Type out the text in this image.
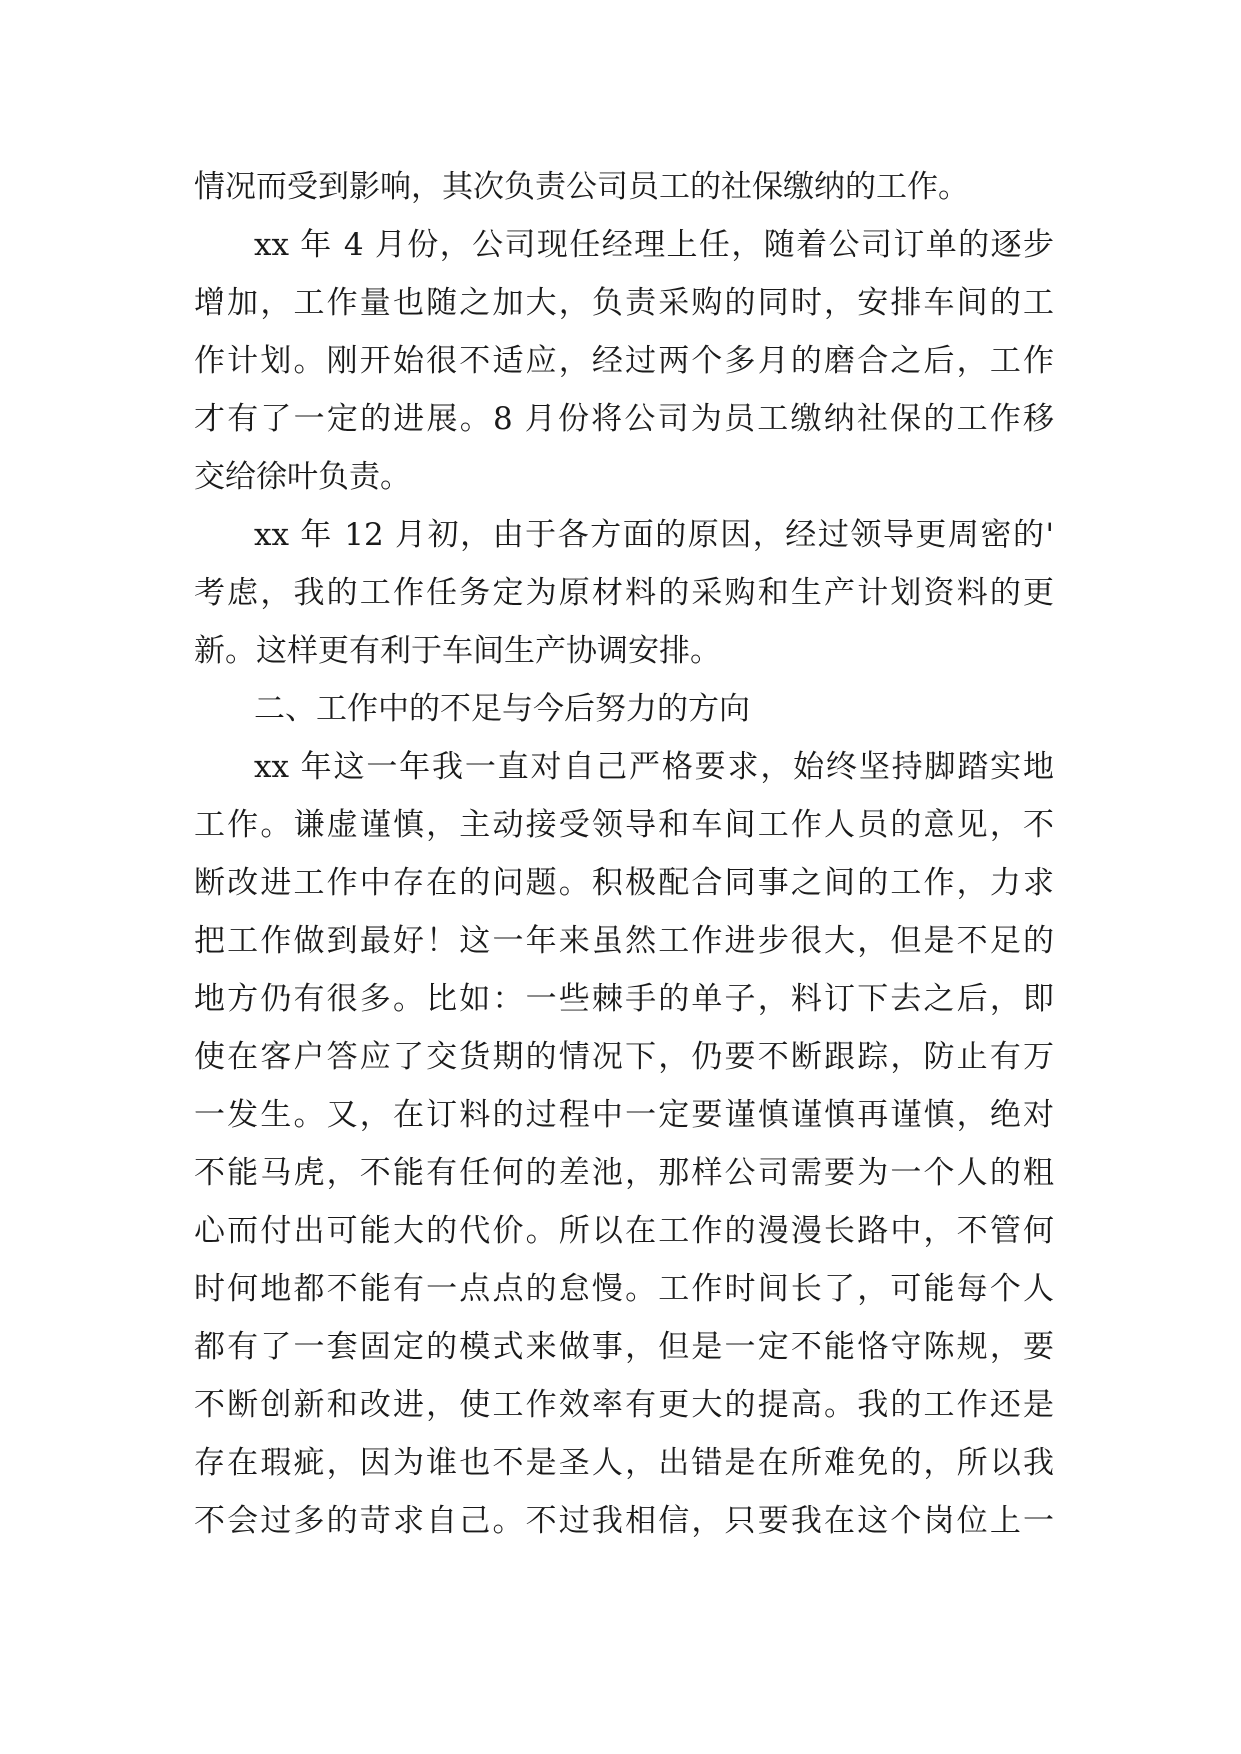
情况而受到影响，其次负责公司员工的社保缴纳的工作。
xx 年 4 月份，公司现任经理上任，随着公司订单的逐步
增加，工作量也随之加大，负责采购的同时，安排车间的工
作计划。刚开始很不适应，经过两个多月的磨合之后，工作
才有了一定的进展。8 月份将公司为员工缴纳社保的工作移
交给徐叶负责。
xx 年 12 月初，由于各方面的原因，经过领导更周密的'
考虑，我的工作任务定为原材料的采购和生产计划资料的更
新。这样更有利于车间生产协调安排。
二、工作中的不足与今后努力的方向
xx 年这一年我一直对自己严格要求，始终坚持脚踏实地
工作。谦虚谨慎，主动接受领导和车间工作人员的意见，不
断改进工作中存在的问题。积极配合同事之间的工作，力求
把工作做到最好！这一年来虽然工作进步很大，但是不足的
地方仍有很多。比如：一些棘手的单子，料订下去之后，即
使在客户答应了交货期的情况下，仍要不断跟踪，防止有万
一发生。又，在订料的过程中一定要谨慎谨慎再谨慎，绝对
不能马虎，不能有任何的差池，那样公司需要为一个人的粗
心而付出可能大的代价。所以在工作的漫漫长路中，不管何
时何地都不能有一点点的怠慢。工作时间长了，可能每个人
都有了一套固定的模式来做事，但是一定不能恪守陈规，要
不断创新和改进，使工作效率有更大的提高。我的工作还是
存在瑕疵，因为谁也不是圣人，出错是在所难免的，所以我
不会过多的苛求自己。不过我相信，只要我在这个岗位上一
